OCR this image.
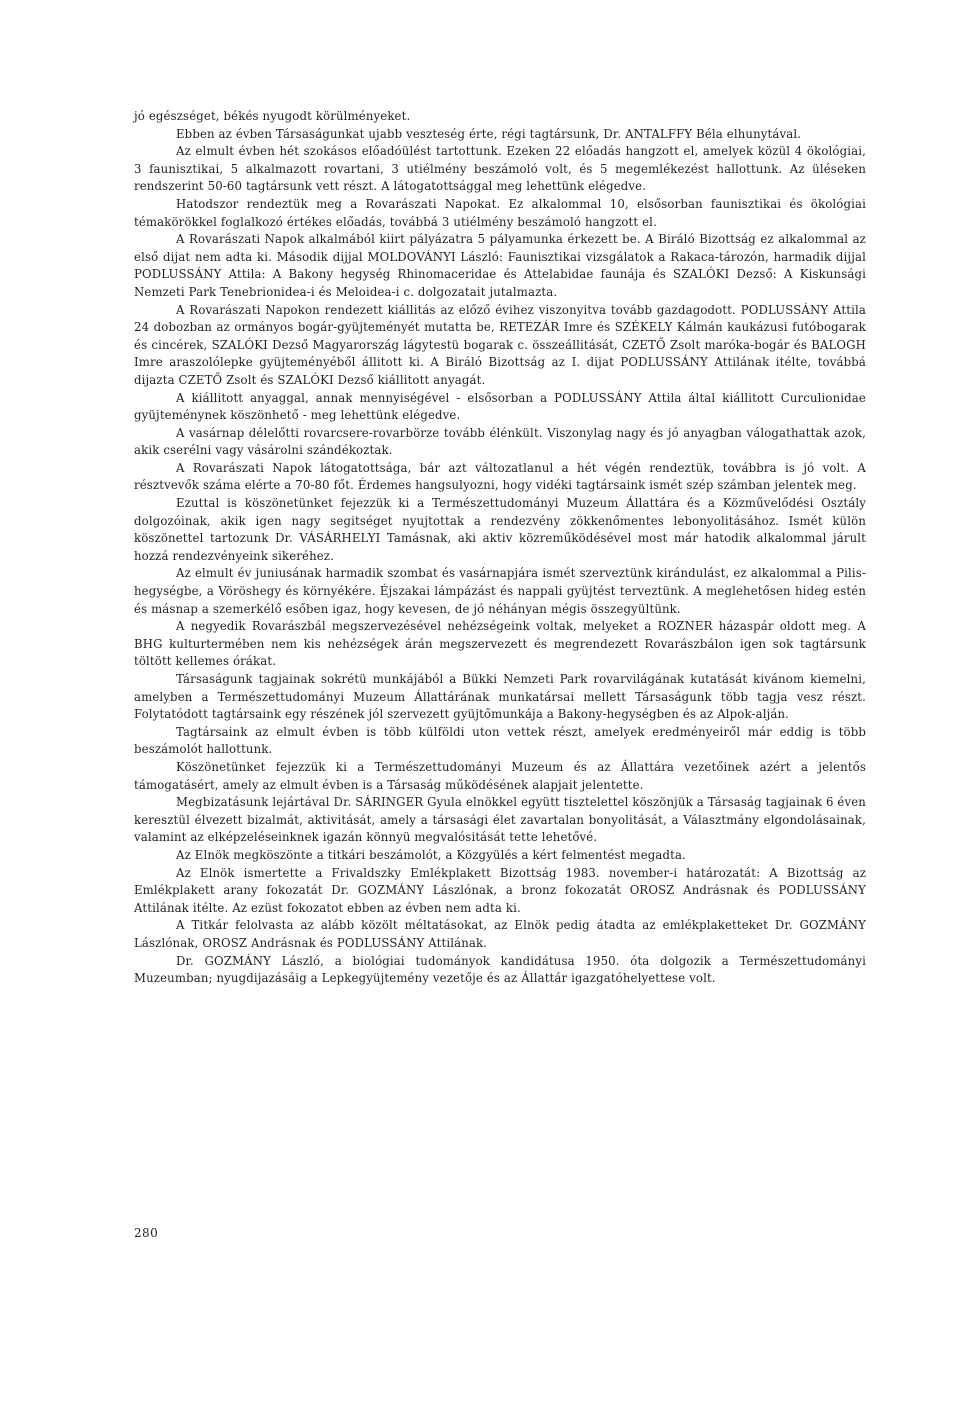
jó egészséget, békés nyugodt körülményeket.

Ebben az évben Társaságunkat ujabb veszteség érte, régi tagtársunk, Dr. ANTALFFY Béla elhunytával.

Az elmult évben hét szokásos előadóülést tartottunk. Ezeken 22 előadás hangzott el, amelyek közül 4 ökológiai, 3 faunisztikai, 5 alkalmazott rovartani, 3 utiélmény beszámoló volt, és 5 megemlékezést hallottunk. Az üléseken rendszerint 50-60 tagtársunk vett részt. A látogatottsággal meg lehettünk elégedve.

Hatodszor rendeztük meg a Rovarászati Napokat. Ez alkalommal 10, elsősorban faunisztikai és ökológiai témakörökkel foglalkozó értékes előadás, továbbá 3 utiélmény beszámoló hangzott el.

A Rovarászati Napok alkalmából kiirt pályázatra 5 pályamunka érkezett be. A Biráló Bizottság ez alkalommal az első dijat nem adta ki. Második dijjal MOLDOVÁNYI László: Faunisztikai vizsgálatok a Rakaca-tározón, harmadik dijjal PODLUSSÁNY Attila: A Bakony hegység Rhinomaceridae és Attelabidae faunája és SZALÓKI Dezső: A Kiskunsági Nemzeti Park Tenebrionidea-i és Meloidea-i c. dolgozatait jutalmazta.

A Rovarászati Napokon rendezett kiállitás az előző évihez viszonyitva tovább gazdagodott. PODLUSSÁNY Attila 24 dobozban az ormányos bogár-gyüjteményét mutatta be, RETEZÁR Imre és SZÉKELY Kálmán kaukázusi futóbogarak és cincérek, SZALÓKI Dezső Magyarország lágytestü bogarak c. összeállitását, CZETŐ Zsolt maróka-bogár és BALOGH Imre araszolólepke gyüjteményéből állitott ki. A Biráló Bizottság az I. dijat PODLUSSÁNY Attilának itélte, továbbá dijazta CZETŐ Zsolt és SZALÓKI Dezső kiállitott anyagát.

A kiállitott anyaggal, annak mennyiségével - elsősorban a PODLUSSÁNY Attila által kiállitott Curculionidae gyüjteménynek köszönhető - meg lehettünk elégedve.

A vasárnap délelőtti rovarcsere-rovarbörze tovább élénkült. Viszonylag nagy és jó anyagban válogathattak azok, akik cserélni vagy vásárolni szándékoztak.

A Rovarászati Napok látogatottsága, bár azt változatlanul a hét végén rendeztük, továbbra is jó volt. A résztvevők száma elérte a 70-80 főt. Érdemes hangsulyozni, hogy vidéki tagtársaink ismét szép számban jelentek meg.

Ezuttal is köszönetünket fejezzük ki a Természettudományi Muzeum Állattára és a Közművelődési Osztály dolgozóinak, akik igen nagy segitséget nyujtottak a rendezvény zökkenőmentes lebonyolitásához. Ismét külön köszönettel tartozunk Dr. VÁSÁRHELYI Tamásnak, aki aktiv közreműködésével most már hatodik alkalommal járult hozzá rendezvényeink sikeréhez.

Az elmult év juniusának harmadik szombat és vasárnapjára ismét szerveztünk kirándulást, ez alkalommal a Pilis-hegységbe, a Vöröshegy és környékére. Éjszakai lámpázást és nappali gyüjtést terveztünk. A meglehetősen hideg estén és másnap a szemerkélő esőben igaz, hogy kevesen, de jó néhányan mégis összegyültünk.

A negyedik Rovarászbál megszervezésével nehézségeink voltak, melyeket a ROZNER házaspár oldott meg. A BHG kulturtermében nem kis nehézségek árán megszervezett és megrendezett Rovarászbálon igen sok tagtársunk töltött kellemes órákat.

Társaságunk tagjainak sokrétü munkájából a Bükki Nemzeti Park rovarvilágának kutatását kivánom kiemelni, amelyben a Természettudományi Muzeum Állattárának munkatársai mellett Társaságunk több tagja vesz részt. Folytatódott tagtársaink egy részének jól szervezett gyüjtőmunkája a Bakony-hegységben és az Alpok-alján.

Tagtársaink az elmult évben is több külföldi uton vettek részt, amelyek eredményeiről már eddig is több beszámolót hallottunk.

Köszönetünket fejezzük ki a Természettudományi Muzeum és az Állattára vezetőinek azért a jelentős támogatásért, amely az elmult évben is a Társaság működésének alapjait jelentette.

Megbizatásunk lejártával Dr. SÁRINGER Gyula elnökkel együtt tisztelettel köszönjük a Társaság tagjainak 6 éven keresztül élvezett bizalmát, aktivitását, amely a társasági élet zavartalan bonyolitását, a Választmány elgondolásainak, valamint az elképzeléseinknek igazán könnyü megvalósitását tette lehetővé.

Az Elnök megköszönte a titkári beszámolót, a Közgyülés a kért felmentést megadta.

Az Elnök ismertette a Frivaldszky Emlékplakett Bizottság 1983. november-i határozatát: A Bizottság az Emlékplakett arany fokozatát Dr. GOZMÁNY Lászlónak, a bronz fokozatát OROSZ Andrásnak és PODLUSSÁNY Attilának itélte. Az ezüst fokozatot ebben az évben nem adta ki.

A Titkár felolvasta az alább közölt méltatásokat, az Elnök pedig átadta az emlékplaketteket Dr. GOZMÁNY Lászlónak, OROSZ Andrásnak és PODLUSSÁNY Attilának.

Dr. GOZMÁNY László, a biológiai tudományok kandidátusa 1950. óta dolgozik a Természettudományi Muzeumban; nyugdijazásáig a Lepkegyüjtemény vezetője és az Állattár igazgatóhelyettese volt.

280
